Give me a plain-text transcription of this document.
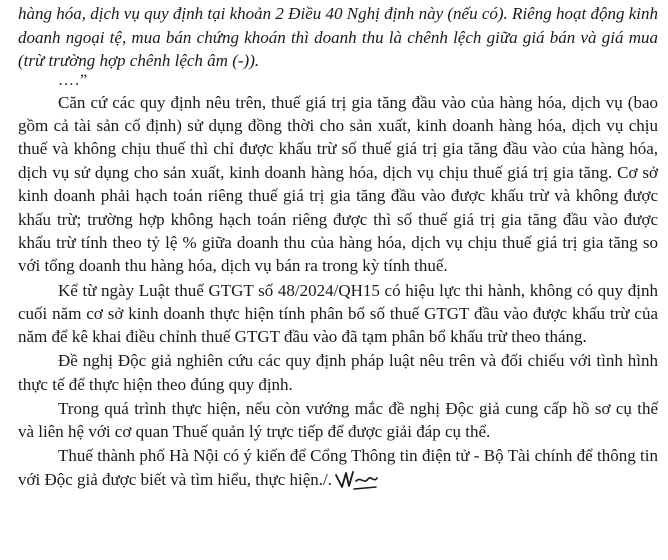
hàng hóa, dịch vụ quy định tại khoản 2 Điều 40 Nghị định này (nếu có). Riêng hoạt động kinh doanh ngoại tệ, mua bán chứng khoán thì doanh thu là chênh lệch giữa giá bán và giá mua (trừ trường hợp chênh lệch âm (-)).

….”

Căn cứ các quy định nêu trên, thuế giá trị gia tăng đầu vào của hàng hóa, dịch vụ (bao gồm cả tài sản cố định) sử dụng đồng thời cho sản xuất, kinh doanh hàng hóa, dịch vụ chịu thuế và không chịu thuế thì chỉ được khấu trừ số thuế giá trị gia tăng đầu vào của hàng hóa, dịch vụ sử dụng cho sản xuất, kinh doanh hàng hóa, dịch vụ chịu thuế giá trị gia tăng. Cơ sở kinh doanh phải hạch toán riêng thuế giá trị gia tăng đầu vào được khấu trừ và không được khấu trừ; trường hợp không hạch toán riêng được thì số thuế giá trị gia tăng đầu vào được khấu trừ tính theo tỷ lệ % giữa doanh thu của hàng hóa, dịch vụ chịu thuế giá trị gia tăng so với tổng doanh thu hàng hóa, dịch vụ bán ra trong kỳ tính thuế.

Kể từ ngày Luật thuế GTGT số 48/2024/QH15 có hiệu lực thi hành, không có quy định cuối năm cơ sở kinh doanh thực hiện tính phân bổ số thuế GTGT đầu vào được khấu trừ của năm để kê khai điều chỉnh thuế GTGT đầu vào đã tạm phân bổ khấu trừ theo tháng.

Đề nghị Độc giả nghiên cứu các quy định pháp luật nêu trên và đối chiếu với tình hình thực tế để thực hiện theo đúng quy định.

Trong quá trình thực hiện, nếu còn vướng mắc đề nghị Độc giả cung cấp hồ sơ cụ thể và liên hệ với cơ quan Thuế quản lý trực tiếp để được giải đáp cụ thể.

Thuế thành phố Hà Nội có ý kiến để Cổng Thông tin điện tử - Bộ Tài chính để thông tin với Độc giả được biết và tìm hiểu, thực hiện./.
